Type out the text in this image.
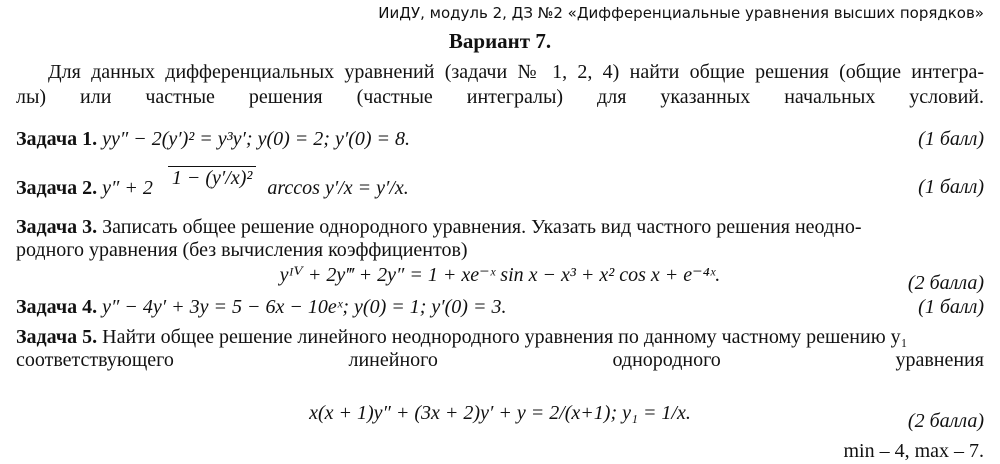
ИиДУ, модуль 2, ДЗ №2 «Дифференциальные уравнения высших порядков»
Вариант 7.
Для данных дифференциальных уравнений (задачи № 1, 2, 4) найти общие решения (общие интегра-
лы) или частные решения (частные интегралы) для указанных начальных условий.
Задача 1. yy″ − 2(y′)² = y³y′; y(0) = 2; y′(0) = 8.	(1 балл)
Задача 2. y″ + 2 1 − (y′/x)² arccos y′/x = y′/x.	(1 балл)
Задача 3. Записать общее решение однородного уравнения. Указать вид частного решения неодно-
родного уравнения (без вычисления коэффициентов)
yᴵⱽ + 2y‴ + 2y″ = 1 + xe⁻ˣ sin x − x³ + x² cos x + e⁻⁴ˣ.	(2 балла)
Задача 4. y″ − 4y′ + 3y = 5 − 6x − 10eˣ; y(0) = 1; y′(0) = 3.	(1 балл)
Задача 5. Найти общее решение линейного неоднородного уравнения по данному частному решению y₁
соответствующего	линейного	однородного	уравнения
x(x + 1)y″ + (3x + 2)y′ + y = 2/(x+1); y₁ = 1/x.	(2 балла)
min – 4, max – 7.
